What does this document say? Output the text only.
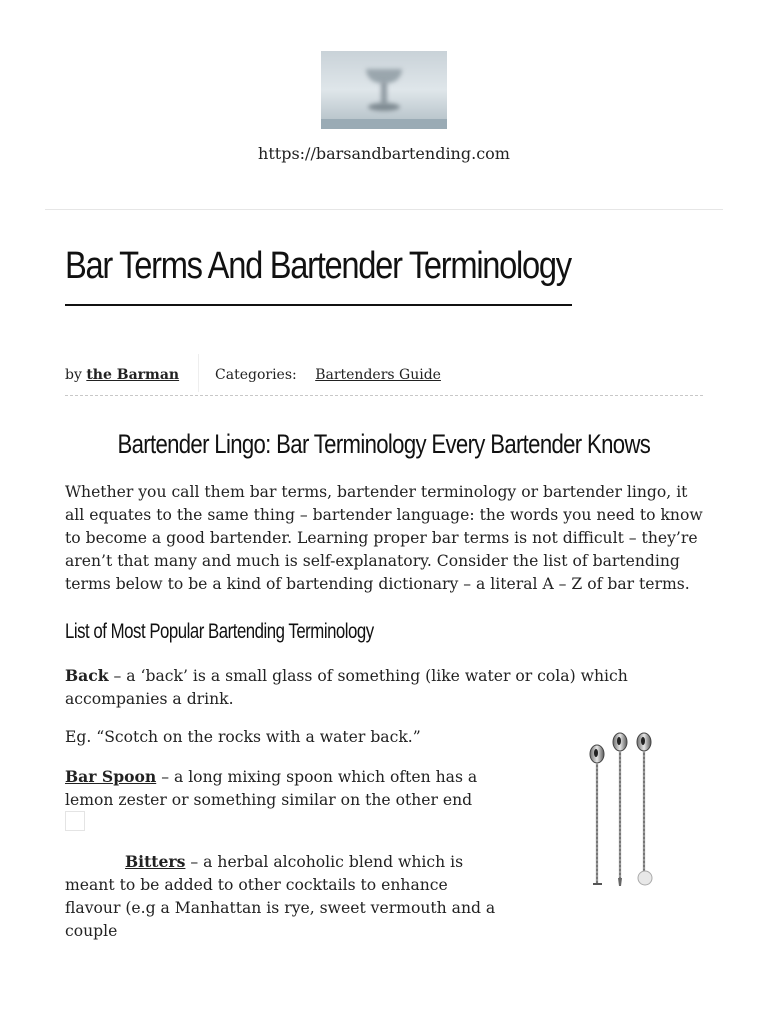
https://barsandbartending.com
Bar Terms And Bartender Terminology
by the Barman	Categories: Bartenders Guide
Bartender Lingo: Bar Terminology Every Bartender Knows

Whether you call them bar terms, bartender terminology or bartender lingo, it all equates to the same thing – bartender language: the words you need to know to become a good bartender. Learning proper bar terms is not difficult – they’re aren’t that many and much is self-explanatory. Consider the list of bartending terms below to be a kind of bartending dictionary – a literal A – Z of bar terms.

List of Most Popular Bartending Terminology

Back – a ‘back’ is a small glass of something (like water or cola) which accompanies a drink.

Eg. “Scotch on the rocks with a water back.”

Bar Spoon – a long mixing spoon which often has a lemon zester or something similar on the other end

Bitters – a herbal alcoholic blend which is meant to be added to other cocktails to enhance flavour (e.g a Manhattan is rye, sweet vermouth and a couple
